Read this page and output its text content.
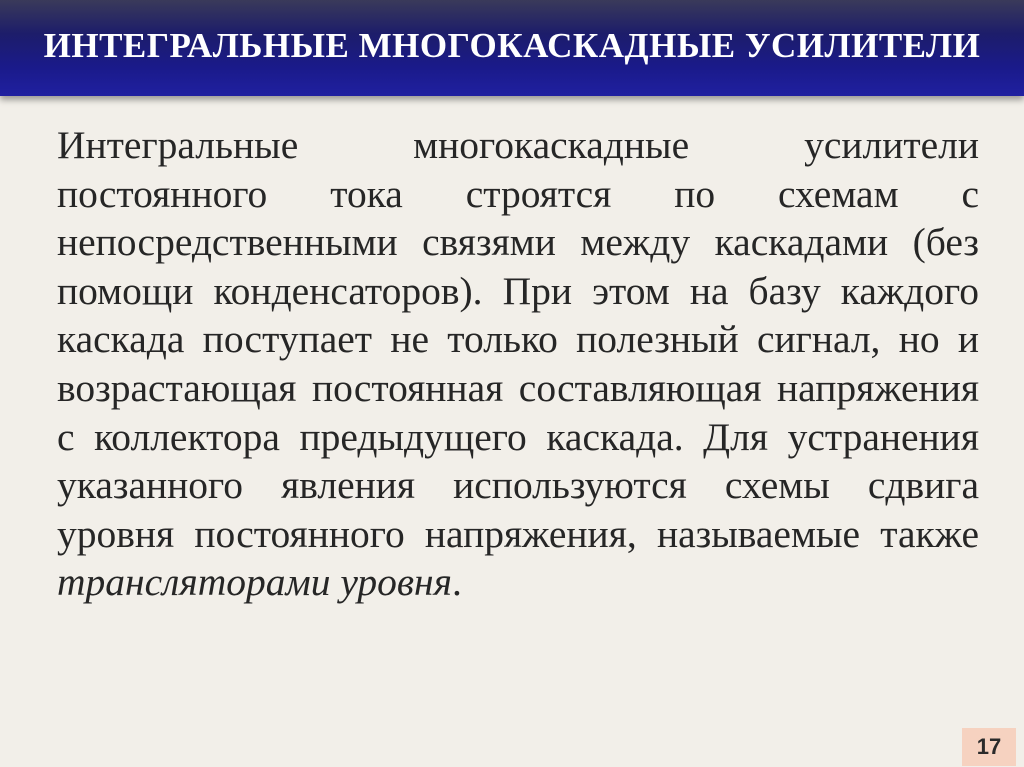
ИНТЕГРАЛЬНЫЕ МНОГОКАСКАДНЫЕ УСИЛИТЕЛИ

Интегральные многокаскадные усилители постоянного тока строятся по схемам с непосредственными связями между каскадами (без помощи конденсаторов). При этом на базу каждого каскада поступает не только полезный сигнал, но и возрастающая постоянная составляющая напряжения с коллектора предыдущего каскада. Для устранения указанного явления используются схемы сдвига уровня постоянного напряжения, называемые также трансляторами уровня.

17
